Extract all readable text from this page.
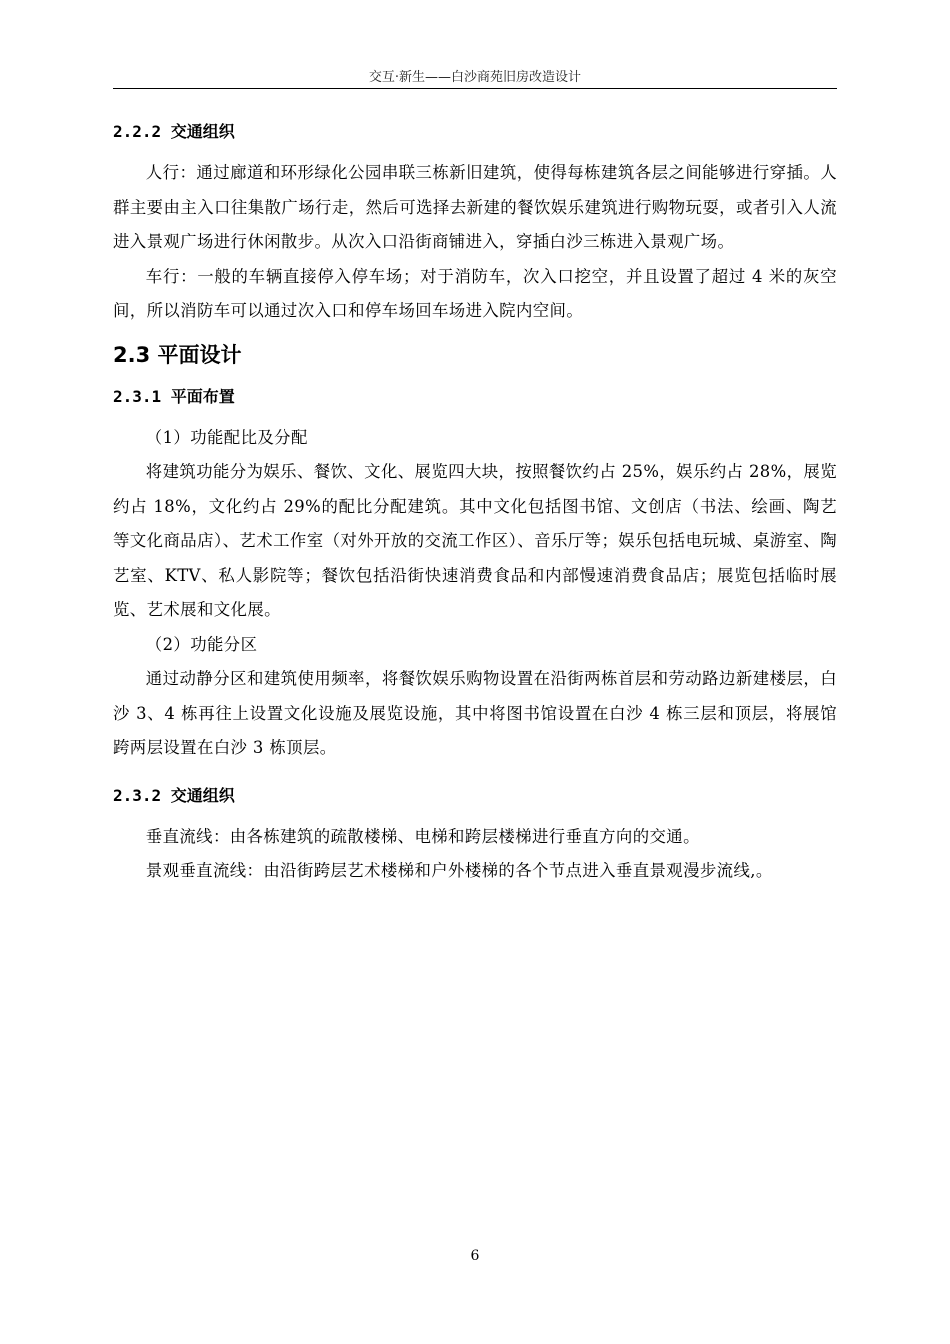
交互·新生——白沙商苑旧房改造设计
2.2.2 交通组织

人行：通过廊道和环形绿化公园串联三栋新旧建筑，使得每栋建筑各层之间能够进行穿插。人群主要由主入口往集散广场行走，然后可选择去新建的餐饮娱乐建筑进行购物玩耍，或者引入人流进入景观广场进行休闲散步。从次入口沿街商铺进入，穿插白沙三栋进入景观广场。

车行：一般的车辆直接停入停车场；对于消防车，次入口挖空，并且设置了超过 4 米的灰空间，所以消防车可以通过次入口和停车场回车场进入院内空间。

2.3 平面设计
2.3.1 平面布置

（1）功能配比及分配

将建筑功能分为娱乐、餐饮、文化、展览四大块，按照餐饮约占 25%，娱乐约占 28%，展览约占 18%，文化约占 29%的配比分配建筑。其中文化包括图书馆、文创店（书法、绘画、陶艺等文化商品店）、艺术工作室（对外开放的交流工作区）、音乐厅等；娱乐包括电玩城、桌游室、陶艺室、KTV、私人影院等；餐饮包括沿街快速消费食品和内部慢速消费食品店；展览包括临时展览、艺术展和文化展。

（2）功能分区

通过动静分区和建筑使用频率，将餐饮娱乐购物设置在沿街两栋首层和劳动路边新建楼层，白沙 3、4 栋再往上设置文化设施及展览设施，其中将图书馆设置在白沙 4 栋三层和顶层，将展馆跨两层设置在白沙 3 栋顶层。

2.3.2 交通组织

垂直流线：由各栋建筑的疏散楼梯、电梯和跨层楼梯进行垂直方向的交通。

景观垂直流线：由沿街跨层艺术楼梯和户外楼梯的各个节点进入垂直景观漫步流线,。

6
